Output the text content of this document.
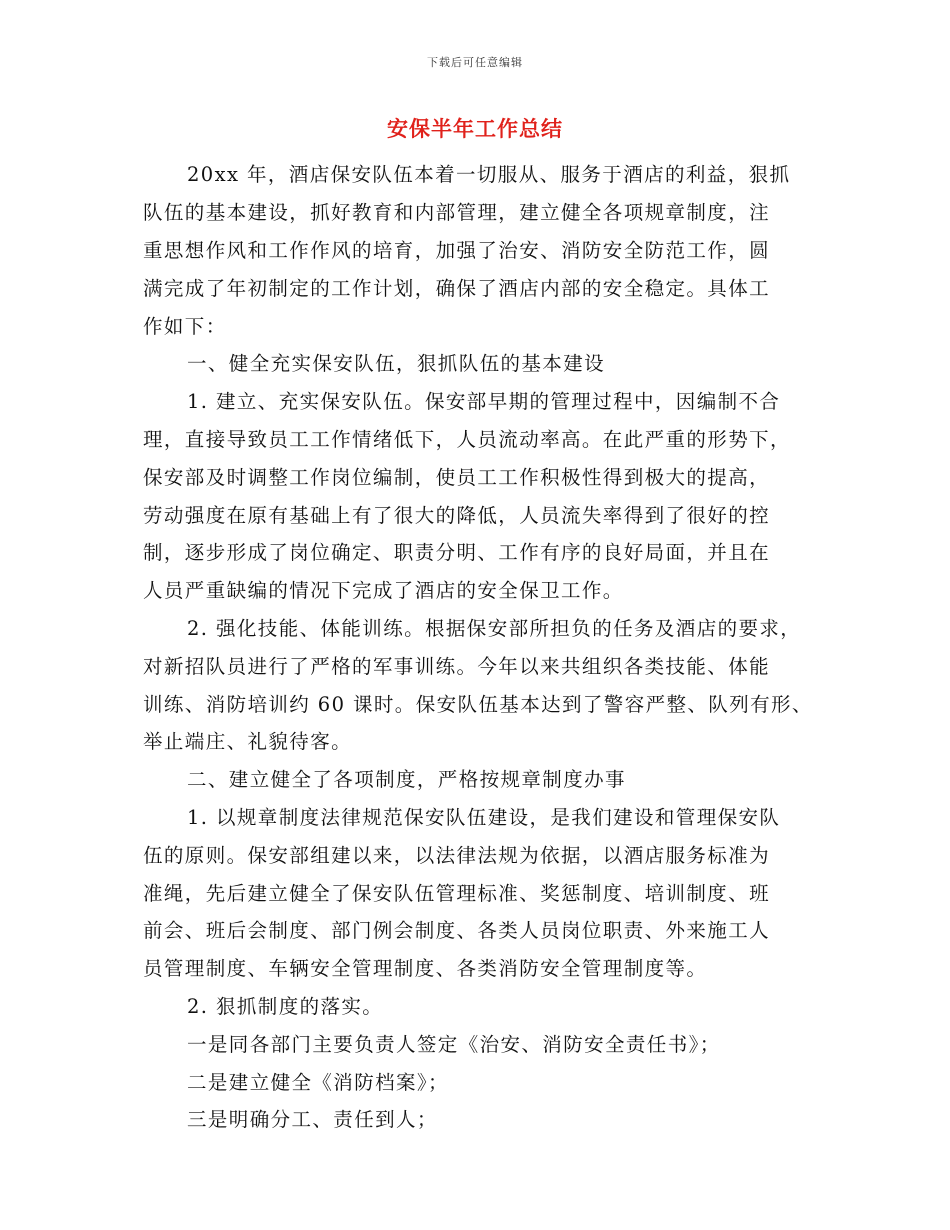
下载后可任意编辑
安保半年工作总结
20xx 年，酒店保安队伍本着一切服从、服务于酒店的利益，狠抓
队伍的基本建设，抓好教育和内部管理，建立健全各项规章制度，注
重思想作风和工作作风的培育，加强了治安、消防安全防范工作，圆
满完成了年初制定的工作计划，确保了酒店内部的安全稳定。具体工
作如下：
一、健全充实保安队伍，狠抓队伍的基本建设
1. 建立、充实保安队伍。保安部早期的管理过程中，因编制不合
理，直接导致员工工作情绪低下，人员流动率高。在此严重的形势下，
保安部及时调整工作岗位编制，使员工工作积极性得到极大的提高，
劳动强度在原有基础上有了很大的降低，人员流失率得到了很好的控
制，逐步形成了岗位确定、职责分明、工作有序的良好局面，并且在
人员严重缺编的情况下完成了酒店的安全保卫工作。
2. 强化技能、体能训练。根据保安部所担负的任务及酒店的要求，
对新招队员进行了严格的军事训练。今年以来共组织各类技能、体能
训练、消防培训约 60 课时。保安队伍基本达到了警容严整、队列有形、
举止端庄、礼貌待客。
二、建立健全了各项制度，严格按规章制度办事
1. 以规章制度法律规范保安队伍建设，是我们建设和管理保安队
伍的原则。保安部组建以来，以法律法规为依据，以酒店服务标准为
准绳，先后建立健全了保安队伍管理标准、奖惩制度、培训制度、班
前会、班后会制度、部门例会制度、各类人员岗位职责、外来施工人
员管理制度、车辆安全管理制度、各类消防安全管理制度等。
2. 狠抓制度的落实。
一是同各部门主要负责人签定《治安、消防安全责任书》；
二是建立健全《消防档案》；
三是明确分工、责任到人；
